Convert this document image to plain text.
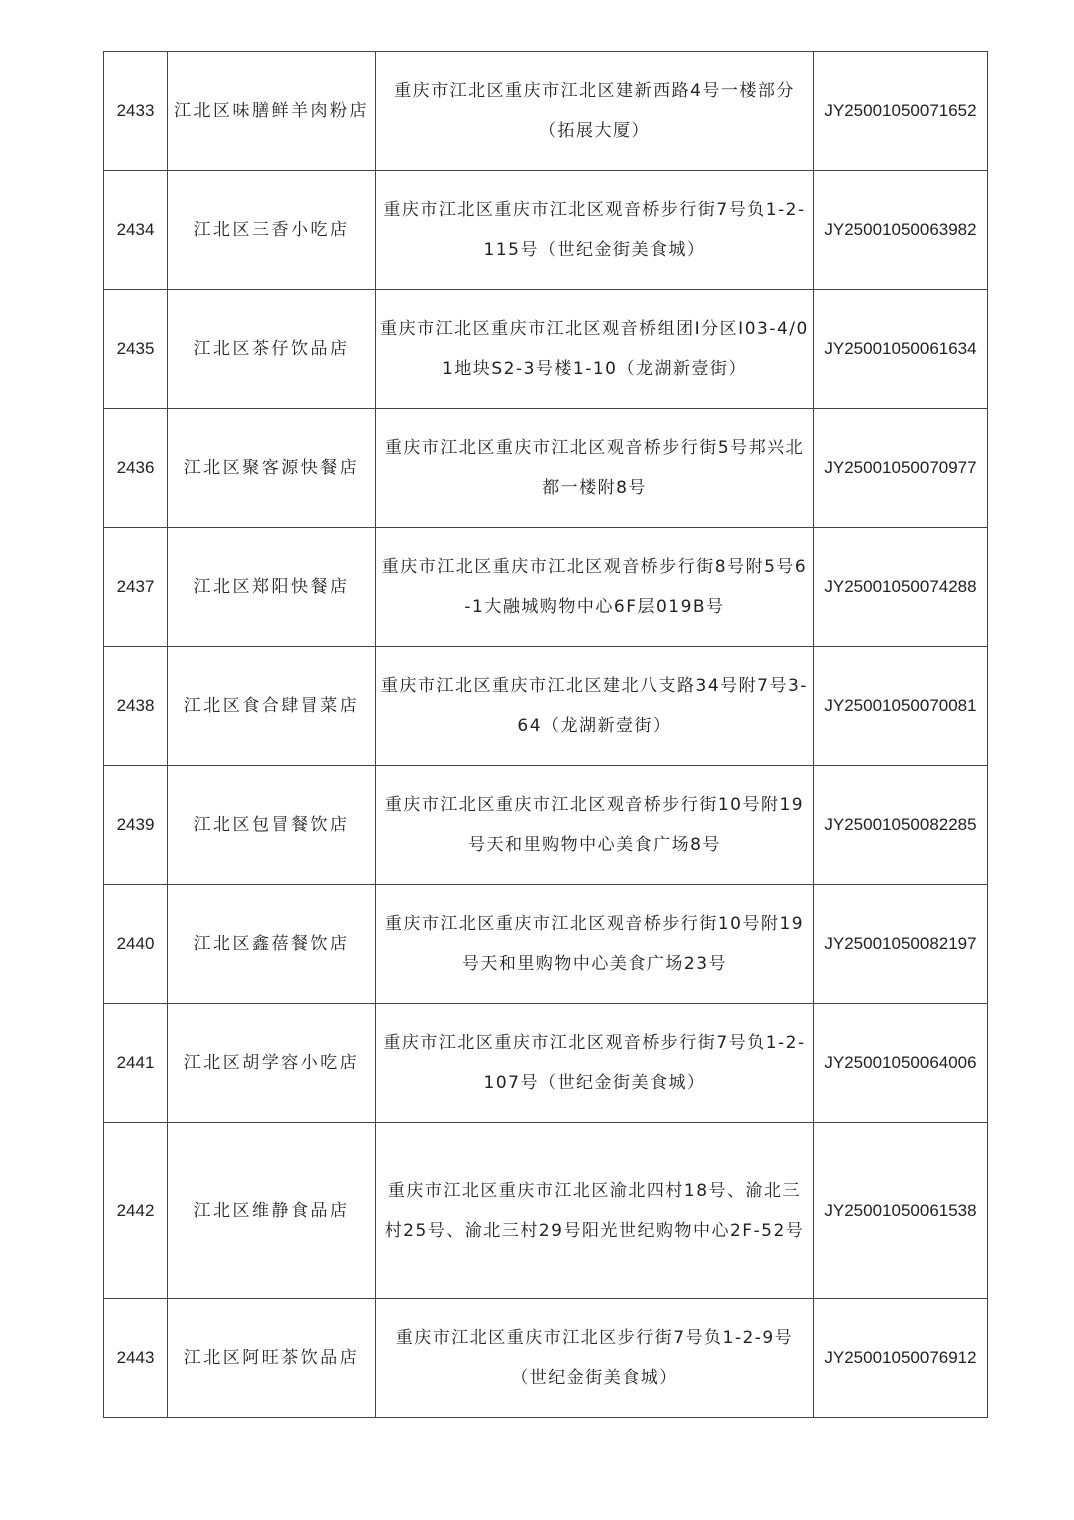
2433	江北区味膳鲜羊肉粉店	重庆市江北区重庆市江北区建新西路4号一楼部分（拓展大厦）	JY25001050071652
2434	江北区三香小吃店	重庆市江北区重庆市江北区观音桥步行街7号负1-2-115号（世纪金街美食城）	JY25001050063982
2435	江北区茶仔饮品店	重庆市江北区重庆市江北区观音桥组团Ⅰ分区I03-4/01地块S2-3号楼1-10（龙湖新壹街）	JY25001050061634
2436	江北区聚客源快餐店	重庆市江北区重庆市江北区观音桥步行街5号邦兴北都一楼附8号	JY25001050070977
2437	江北区郑阳快餐店	重庆市江北区重庆市江北区观音桥步行街8号附5号6-1大融城购物中心6F层019B号	JY25001050074288
2438	江北区食合肆冒菜店	重庆市江北区重庆市江北区建北八支路34号附7号3-64（龙湖新壹街）	JY25001050070081
2439	江北区包冒餐饮店	重庆市江北区重庆市江北区观音桥步行街10号附19号天和里购物中心美食广场8号	JY25001050082285
2440	江北区鑫蓓餐饮店	重庆市江北区重庆市江北区观音桥步行街10号附19号天和里购物中心美食广场23号	JY25001050082197
2441	江北区胡学容小吃店	重庆市江北区重庆市江北区观音桥步行街7号负1-2-107号（世纪金街美食城）	JY25001050064006
2442	江北区维静食品店	重庆市江北区重庆市江北区渝北四村18号、渝北三村25号、渝北三村29号阳光世纪购物中心2F-52号	JY25001050061538
2443	江北区阿旺茶饮品店	重庆市江北区重庆市江北区步行街7号负1-2-9号（世纪金街美食城）	JY25001050076912
